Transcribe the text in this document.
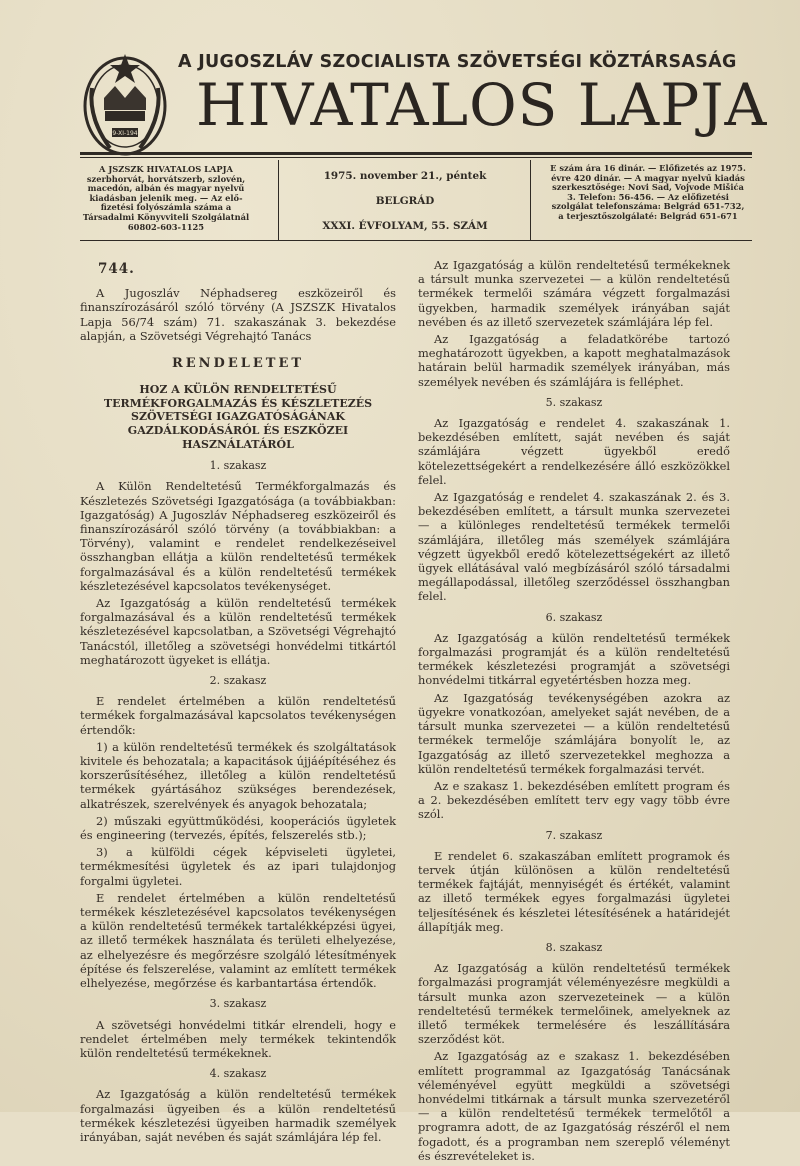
29-XI-1943
A JUGOSZLÁV SZOCIALISTA SZÖVETSÉGI KÖZTÁRSASÁG
HIVATALOS LAPJA
A JSZSZK HIVATALOS LAPJA szerbhorvát, horvátszerb, szlovén, macedón, albán és magyar nyelvű kiadásban jelenik meg. — Az elő-fizetési folyószámla száma a Társadalmi Könyvviteli Szolgálatnál 60802-603-1125
1975. november 21., péntek
BELGRÁD
XXXI. ÉVFOLYAM, 55. SZÁM
E szám ára 16 dinár. — Előfizetés az 1975. évre 420 dinár. — A magyar nyelvű kiadás szerkesztősége: Novi Sad, Vojvode Mišića 3. Telefon: 56-456. — Az előfizetési szolgálat telefonszáma: Belgrád 651-732, a terjesztőszolgálaté: Belgrád 651-671
744.

A Jugoszláv Néphadsereg eszközeiről és finanszírozásáról szóló törvény (A JSZSZK Hivatalos Lapja 56/74 szám) 71. szakaszának 3. bekezdése alapján, a Szövetségi Végrehajtó Tanács

RENDELETET
HOZ A KÜLÖN RENDELTETÉSŰ TERMÉKFORGALMAZÁS ÉS KÉSZLETEZÉS SZÖVETSÉGI IGAZGATÓSÁGÁNAK GAZDÁLKODÁSÁRÓL ÉS ESZKÖZEI HASZNÁLATÁRÓL
1. szakasz

A Külön Rendeltetésű Termékforgalmazás és Készletezés Szövetségi Igazgatósága (a továbbiakban: Igazgatóság) A Jugoszláv Néphadsereg eszközeiről és finanszírozásáról szóló törvény (a továbbiakban: a Törvény), valamint e rendelet rendelkezéseivel összhangban ellátja a külön rendeltetésű termékek forgalmazásával és a külön rendeltetésű termékek készletezésével kapcsolatos tevékenységet.

Az Igazgatóság a külön rendeltetésű termékek forgalmazásával és a külön rendeltetésű termékek készletezésével kapcsolatban, a Szövetségi Végrehajtó Tanácstól, illetőleg a szövetségi honvédelmi titkártól meghatározott ügyeket is ellátja.

2. szakasz

E rendelet értelmében a külön rendeltetésű termékek forgalmazásával kapcsolatos tevékenységen értendők:

1) a külön rendeltetésű termékek és szolgáltatások kivitele és behozatala; a kapacitások újjáépítéséhez és korszerűsítéséhez, illetőleg a külön rendeltetésű termékek gyártásához szükséges berendezések, alkatrészek, szerelvények és anyagok behozatala;

2) műszaki együttműködési, kooperációs ügyletek és engineering (tervezés, építés, felszerelés stb.);

3) a külföldi cégek képviseleti ügyletei, termékmesítési ügyletek és az ipari tulajdonjog forgalmi ügyletei.

E rendelet értelmében a külön rendeltetésű termékek készletezésével kapcsolatos tevékenységen a külön rendeltetésű termékek tartalékképzési ügyei, az illető termékek használata és területi elhelyezése, az elhelyezésre és megőrzésre szolgáló létesítmények építése és felszerelése, valamint az említett termékek elhelyezése, megőrzése és karbantartása értendők.

3. szakasz

A szövetségi honvédelmi titkár elrendeli, hogy e rendelet értelmében mely termékek tekintendők külön rendeltetésű termékeknek.

4. szakasz

Az Igazgatóság a külön rendeltetésű termékek forgalmazási ügyeiben és a külön rendeltetésű termékek készletezési ügyeiben harmadik személyek irányában, saját nevében és saját számlájára lép fel.

Az Igazgatóság a külön rendeltetésű termékeknek a társult munka szervezetei — a külön rendeltetésű termékek termelői számára végzett forgalmazási ügyekben, harmadik személyek irányában saját nevében és az illető szervezetek számlájára lép fel.

Az Igazgatóság a feladatkörébe tartozó meghatározott ügyekben, a kapott meghatalmazások határain belül harmadik személyek irányában, más személyek nevében és számlájára is felléphet.

5. szakasz

Az Igazgatóság e rendelet 4. szakaszának 1. bekezdésében említett, saját nevében és saját számlájára végzett ügyekből eredő kötelezettségekért a rendelkezésére álló eszközökkel felel.

Az Igazgatóság e rendelet 4. szakaszának 2. és 3. bekezdésében említett, a társult munka szervezetei — a különleges rendeltetésű termékek termelői számlájára, illetőleg más személyek számlájára végzett ügyekből eredő kötelezettségekért az illető ügyek ellátásával való megbízásáról szóló társadalmi megállapodással, illetőleg szerződéssel összhangban felel.

6. szakasz

Az Igazgatóság a külön rendeltetésű termékek forgalmazási programját és a külön rendeltetésű termékek készletezési programját a szövetségi honvédelmi titkárral egyetértésben hozza meg.

Az Igazgatóság tevékenységében azokra az ügyekre vonatkozóan, amelyeket saját nevében, de a társult munka szervezetei — a külön rendeltetésű termékek termelője számlájára bonyolít le, az Igazgatóság az illető szervezetekkel meghozza a külön rendeltetésű termékek forgalmazási tervét.

Az e szakasz 1. bekezdésében említett program és a 2. bekezdésében említett terv egy vagy több évre szól.

7. szakasz

E rendelet 6. szakaszában említett programok és tervek útján különösen a külön rendeltetésű termékek fajtáját, mennyiségét és értékét, valamint az illető termékek egyes forgalmazási ügyletei teljesítésének és készletei létesítésének a határidejét állapítják meg.

8. szakasz

Az Igazgatóság a külön rendeltetésű termékek forgalmazási programját véleményezésre megküldi a társult munka azon szervezeteinek — a külön rendeltetésű termékek termelőinek, amelyeknek az illető termékek termelésére és leszállítására szerződést köt.

Az Igazgatóság az e szakasz 1. bekezdésében említett programmal az Igazgatóság Tanácsának véleményével együtt megküldi a szövetségi honvédelmi titkárnak a társult munka szervezetéről — a külön rendeltetésű termékek termelőtől a programra adott, de az Igazgatóság részéről el nem fogadott, és a programban nem szereplő véleményt és észrevételeket is.
